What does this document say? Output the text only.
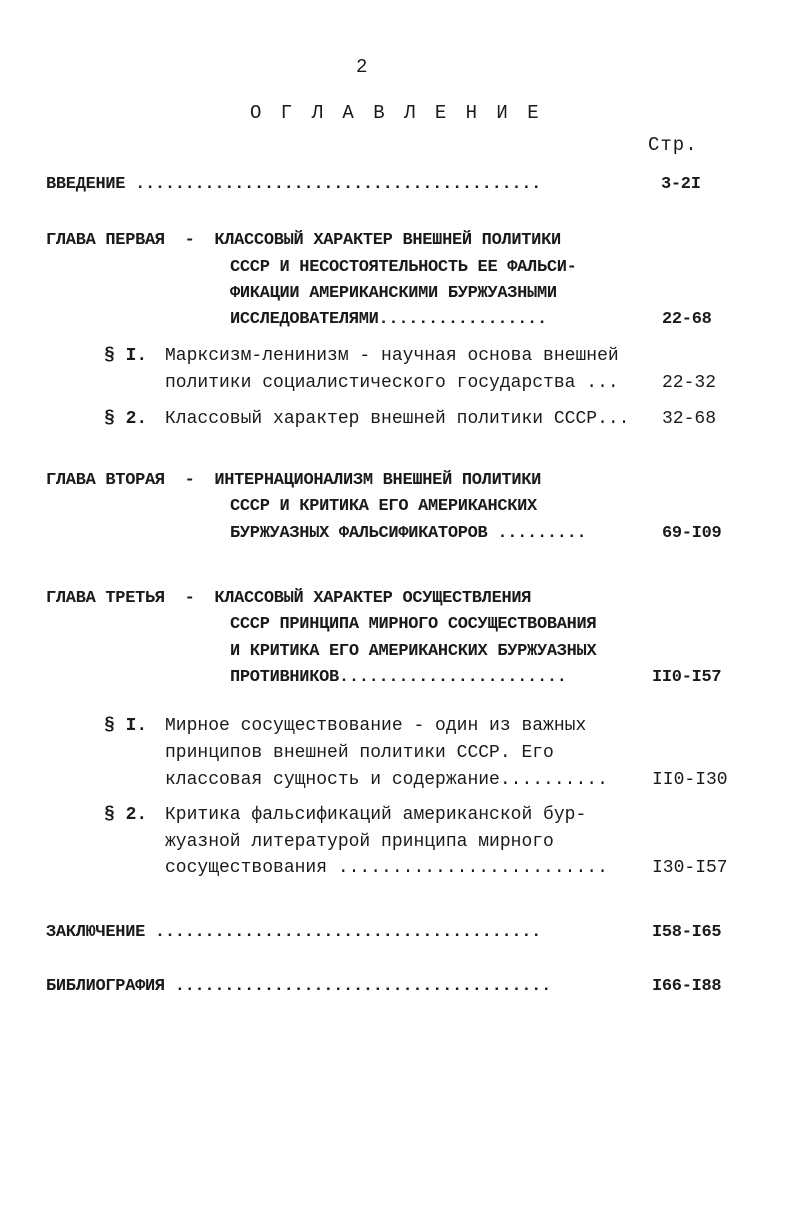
2
О Г Л А В Л Е Н И Е
Стр.
ВВЕДЕНИЕ .........................................	3-2I
ГЛАВА ПЕРВАЯ  -  КЛАССОВЫЙ ХАРАКТЕР ВНЕШНЕЙ ПОЛИТИКИ
СССР И НЕСОСТОЯТЕЛЬНОСТЬ ЕЕ ФАЛЬСИ-
ФИКАЦИИ АМЕРИКАНСКИМИ БУРЖУАЗНЫМИ
ИССЛЕДОВАТЕЛЯМИ.................	22-68
§ I. Марксизм-ленинизм - научная основа внешней
политики социалистического государства ... 22-32
§ 2. Классовый характер внешней политики СССР... 32-68
ГЛАВА ВТОРАЯ  -  ИНТЕРНАЦИОНАЛИЗМ ВНЕШНЕЙ ПОЛИТИКИ
СССР И КРИТИКА ЕГО АМЕРИКАНСКИХ
БУРЖУАЗНЫХ ФАЛЬСИФИКАТОРОВ .........	69-I09
ГЛАВА ТРЕТЬЯ  -  КЛАССОВЫЙ ХАРАКТЕР ОСУЩЕСТВЛЕНИЯ
СССР ПРИНЦИПА МИРНОГО СОСУЩЕСТВОВАНИЯ
И КРИТИКА ЕГО АМЕРИКАНСКИХ БУРЖУАЗНЫХ
ПРОТИВНИКОВ.......................	II0-I57
§ I. Мирное сосуществование - один из важных
принципов внешней политики СССР. Его
классовая сущность и содержание.......... II0-I30
§ 2. Критика фальсификаций американской бур-
жуазной литературой принципа мирного
сосуществования ......................... I30-I57
ЗАКЛЮЧЕНИЕ .......................................	I58-I65
БИБЛИОГРАФИЯ ......................................	I66-I88
